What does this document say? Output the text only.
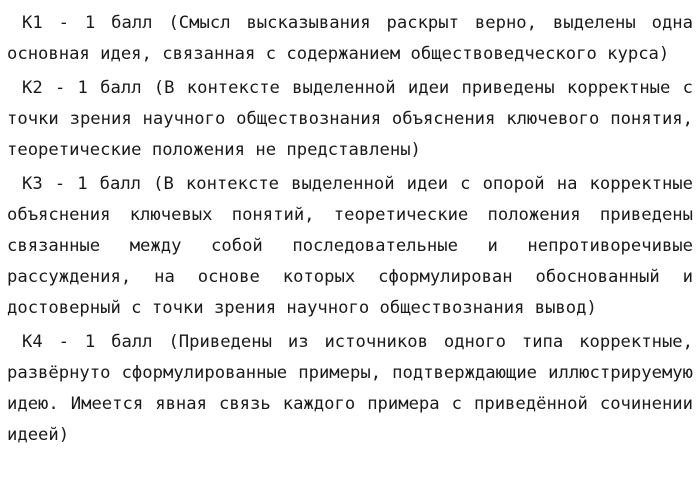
К1 - 1 балл (Смысл высказывания раскрыт верно, выделены одна основная идея, связанная с содержанием обществоведческого курса)

К2 - 1 балл (В контексте выделенной идеи приведены корректные с точки зрения научного обществознания объяснения ключевого понятия, теоретические положения не представлены)

К3 - 1 балл (В контексте выделенной идеи с опорой на корректные объяснения ключевых понятий, теоретические положения приведены связанные между собой последовательные и непротиворечивые рассуждения, на основе которых сформулирован обоснованный и достоверный с точки зрения научного обществознания вывод)

К4 - 1 балл (Приведены из источников одного типа корректные, развёрнуто сформулированные примеры, подтверждающие иллюстрируемую идею. Имеется явная связь каждого примера с приведённой сочинении идеей)
